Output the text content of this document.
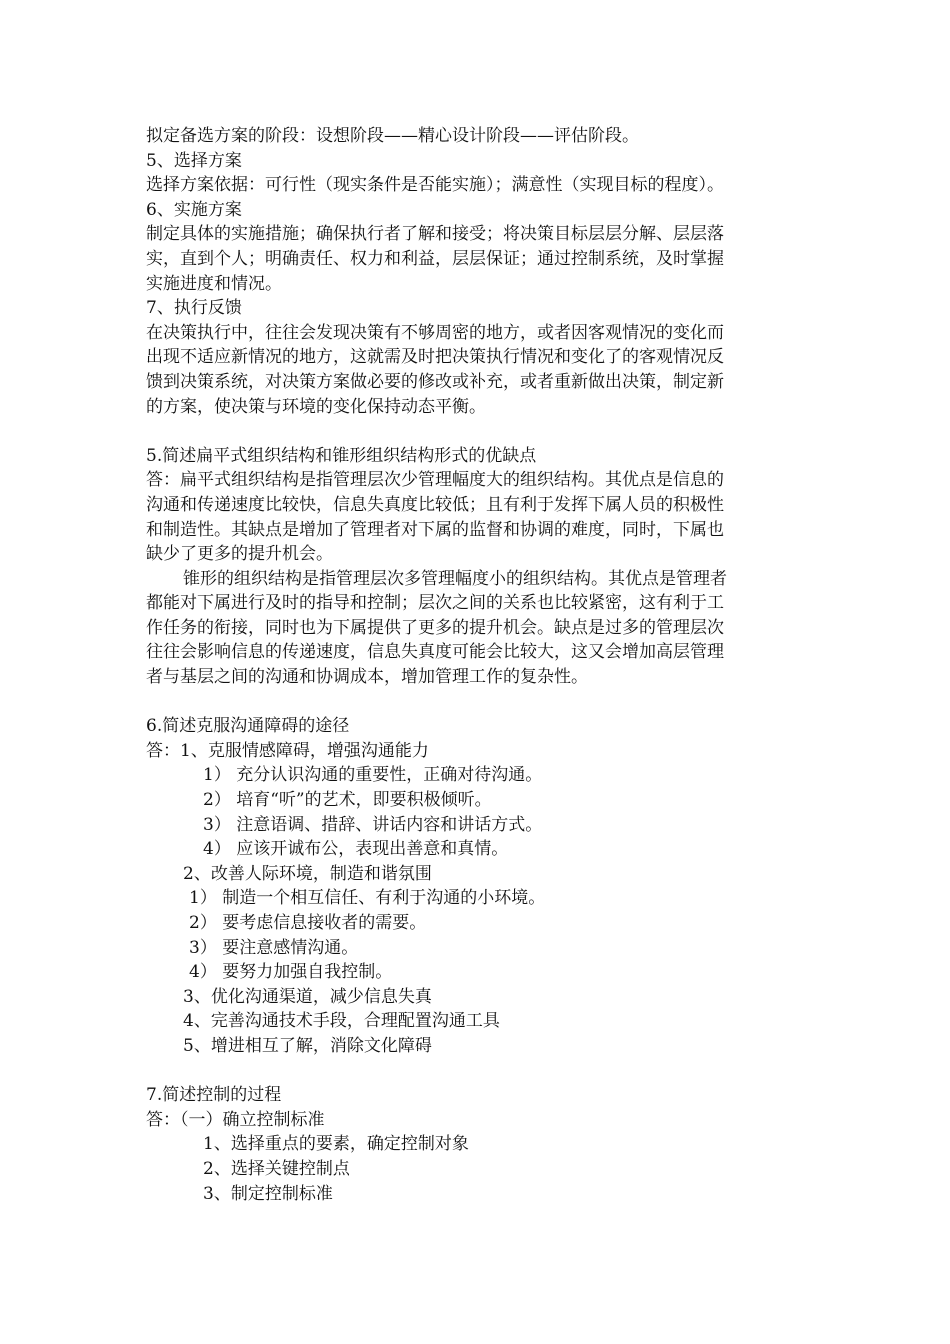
拟定备选方案的阶段：设想阶段——精心设计阶段——评估阶段。
5、选择方案
选择方案依据：可行性（现实条件是否能实施）；满意性（实现目标的程度）。
6、实施方案
制定具体的实施措施；确保执行者了解和接受；将决策目标层层分解、层层落
实，直到个人；明确责任、权力和利益，层层保证；通过控制系统，及时掌握
实施进度和情况。
7、执行反馈
在决策执行中，往往会发现决策有不够周密的地方，或者因客观情况的变化而
出现不适应新情况的地方，这就需及时把决策执行情况和变化了的客观情况反
馈到决策系统，对决策方案做必要的修改或补充，或者重新做出决策，制定新
的方案，使决策与环境的变化保持动态平衡。
5.简述扁平式组织结构和锥形组织结构形式的优缺点
答：扁平式组织结构是指管理层次少管理幅度大的组织结构。其优点是信息的
沟通和传递速度比较快，信息失真度比较低；且有利于发挥下属人员的积极性
和制造性。其缺点是增加了管理者对下属的监督和协调的难度，同时，下属也
缺少了更多的提升机会。
锥形的组织结构是指管理层次多管理幅度小的组织结构。其优点是管理者
都能对下属进行及时的指导和控制；层次之间的关系也比较紧密，这有利于工
作任务的衔接，同时也为下属提供了更多的提升机会。缺点是过多的管理层次
往往会影响信息的传递速度，信息失真度可能会比较大，这又会增加高层管理
者与基层之间的沟通和协调成本，增加管理工作的复杂性。
6.简述克服沟通障碍的途径
答：1、克服情感障碍，增强沟通能力
1） 充分认识沟通的重要性，正确对待沟通。
2） 培育“听”的艺术，即要积极倾听。
3） 注意语调、措辞、讲话内容和讲话方式。
4） 应该开诚布公，表现出善意和真情。
2、改善人际环境，制造和谐氛围
1） 制造一个相互信任、有利于沟通的小环境。
2） 要考虑信息接收者的需要。
3） 要注意感情沟通。
4） 要努力加强自我控制。
3、优化沟通渠道，减少信息失真
4、完善沟通技术手段，合理配置沟通工具
5、增进相互了解，消除文化障碍
7.简述控制的过程
答：（一）确立控制标准
1、选择重点的要素，确定控制对象
2、选择关键控制点
3、制定控制标准
